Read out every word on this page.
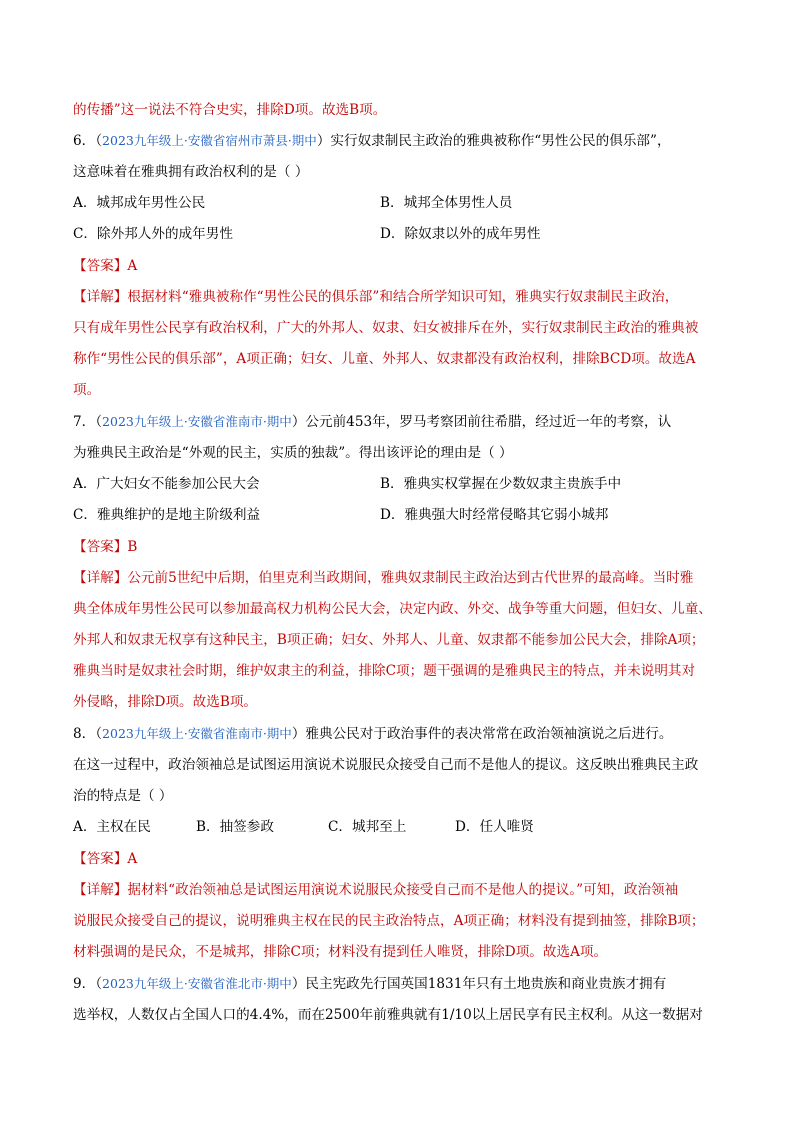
的传播”这一说法不符合史实，排除D项。故选B项。
6．（2023九年级上·安徽省宿州市萧县·期中）实行奴隶制民主政治的雅典被称作“男性公民的俱乐部”，
这意味着在雅典拥有政治权利的是（ ）
A．城邦成年男性公民	B．城邦全体男性人员
C．除外邦人外的成年男性	D．除奴隶以外的成年男性
【答案】A
【详解】根据材料“雅典被称作“男性公民的俱乐部”和结合所学知识可知，雅典实行奴隶制民主政治，
只有成年男性公民享有政治权利，广大的外邦人、奴隶、妇女被排斥在外，实行奴隶制民主政治的雅典被
称作“男性公民的俱乐部”，A项正确；妇女、儿童、外邦人、奴隶都没有政治权利，排除BCD项。故选A
项。
7．（2023九年级上·安徽省淮南市·期中）公元前453年，罗马考察团前往希腊，经过近一年的考察，认
为雅典民主政治是“外观的民主，实质的独裁”。得出该评论的理由是（ ）
A．广大妇女不能参加公民大会	B．雅典实权掌握在少数奴隶主贵族手中
C．雅典维护的是地主阶级利益	D．雅典强大时经常侵略其它弱小城邦
【答案】B
【详解】公元前5世纪中后期，伯里克利当政期间，雅典奴隶制民主政治达到古代世界的最高峰。当时雅
典全体成年男性公民可以参加最高权力机构公民大会，决定内政、外交、战争等重大问题，但妇女、儿童、
外邦人和奴隶无权享有这种民主，B项正确；妇女、外邦人、儿童、奴隶都不能参加公民大会，排除A项；
雅典当时是奴隶社会时期，维护奴隶主的利益，排除C项；题干强调的是雅典民主的特点，并未说明其对
外侵略，排除D项。故选B项。
8．（2023九年级上·安徽省淮南市·期中）雅典公民对于政治事件的表决常常在政治领袖演说之后进行。
在这一过程中，政治领袖总是试图运用演说术说服民众接受自己而不是他人的提议。这反映出雅典民主政
治的特点是（ ）
A．主权在民	B．抽签参政	C．城邦至上	D．任人唯贤
【答案】A
【详解】据材料“政治领袖总是试图运用演说术说服民众接受自己而不是他人的提议。”可知，政治领袖
说服民众接受自己的提议，说明雅典主权在民的民主政治特点，A项正确；材料没有提到抽签，排除B项；
材料强调的是民众，不是城邦，排除C项；材料没有提到任人唯贤，排除D项。故选A项。
9．（2023九年级上·安徽省淮北市·期中）民主宪政先行国英国1831年只有土地贵族和商业贵族才拥有
选举权，人数仅占全国人口的4.4%，而在2500年前雅典就有1/10以上居民享有民主权利。从这一数据对
